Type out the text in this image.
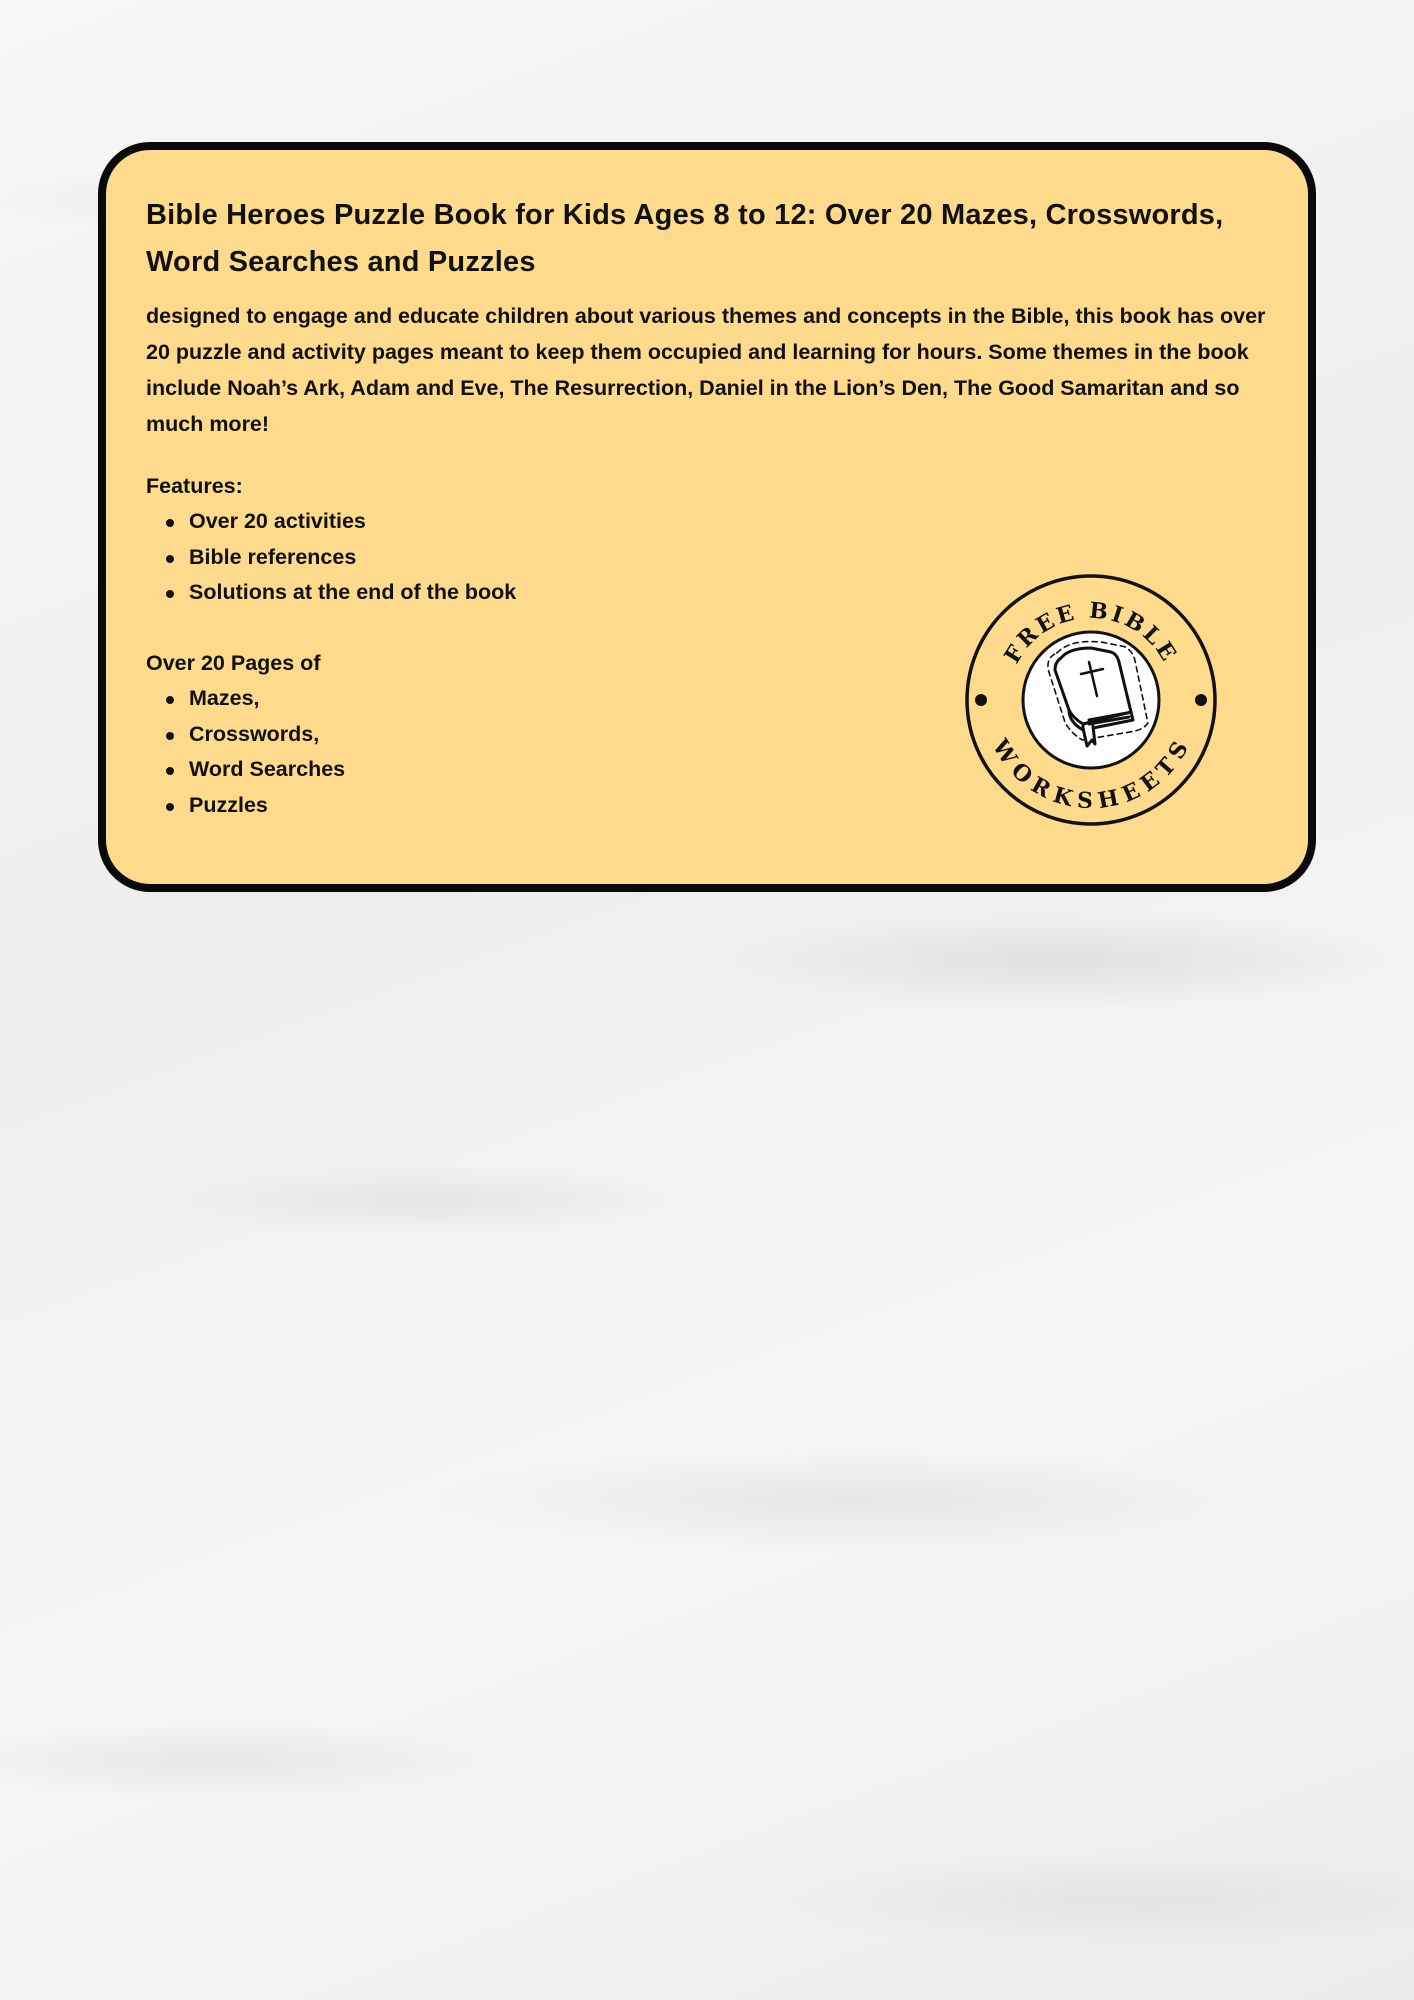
Bible Heroes Puzzle Book for Kids Ages 8 to 12: Over 20 Mazes, Crosswords, Word Searches and Puzzles

designed to engage and educate children about various themes and concepts in the Bible, this book has over 20 puzzle and activity pages meant to keep them occupied and learning for hours. Some themes in the book include Noah’s Ark, Adam and Eve, The Resurrection, Daniel in the Lion’s Den, The Good Samaritan and so much more!

Features:

Over 20 activities
Bible references
Solutions at the end of the book

Over 20 Pages of

Mazes,
Crosswords,
Word Searches
Puzzles
FREE BIBLE
WORKSHEETS
